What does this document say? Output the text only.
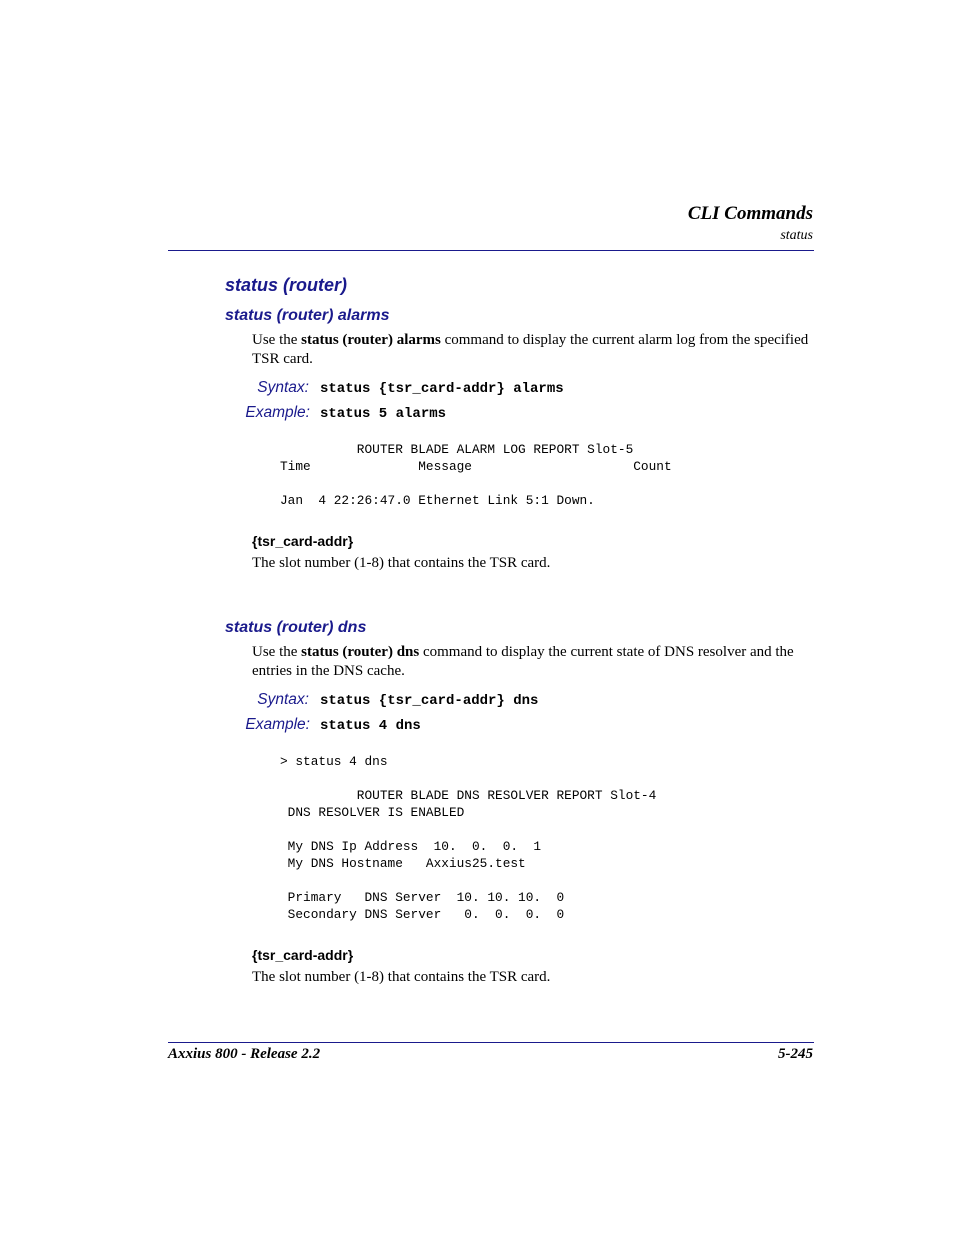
CLI Commands
status
status (router)
status (router) alarms
Use the status (router) alarms command to display the current alarm log from the specified TSR card.
Syntax: status {tsr_card-addr} alarms
Example: status 5 alarms
ROUTER BLADE ALARM LOG REPORT Slot-5
Time              Message                     Count

Jan  4 22:26:47.0 Ethernet Link 5:1 Down.
{tsr_card-addr}
The slot number (1-8) that contains the TSR card.
status (router) dns
Use the status (router) dns command to display the current state of DNS resolver and the entries in the DNS cache.
Syntax: status {tsr_card-addr} dns
Example: status 4 dns
> status 4 dns

ROUTER BLADE DNS RESOLVER REPORT Slot-4
DNS RESOLVER IS ENABLED

My DNS Ip Address  10.  0.  0.  1
My DNS Hostname   Axxius25.test

Primary   DNS Server  10. 10. 10.  0
Secondary DNS Server   0.  0.  0.  0
{tsr_card-addr}
The slot number (1-8) that contains the TSR card.
Axxius 800 - Release 2.2	5-245
